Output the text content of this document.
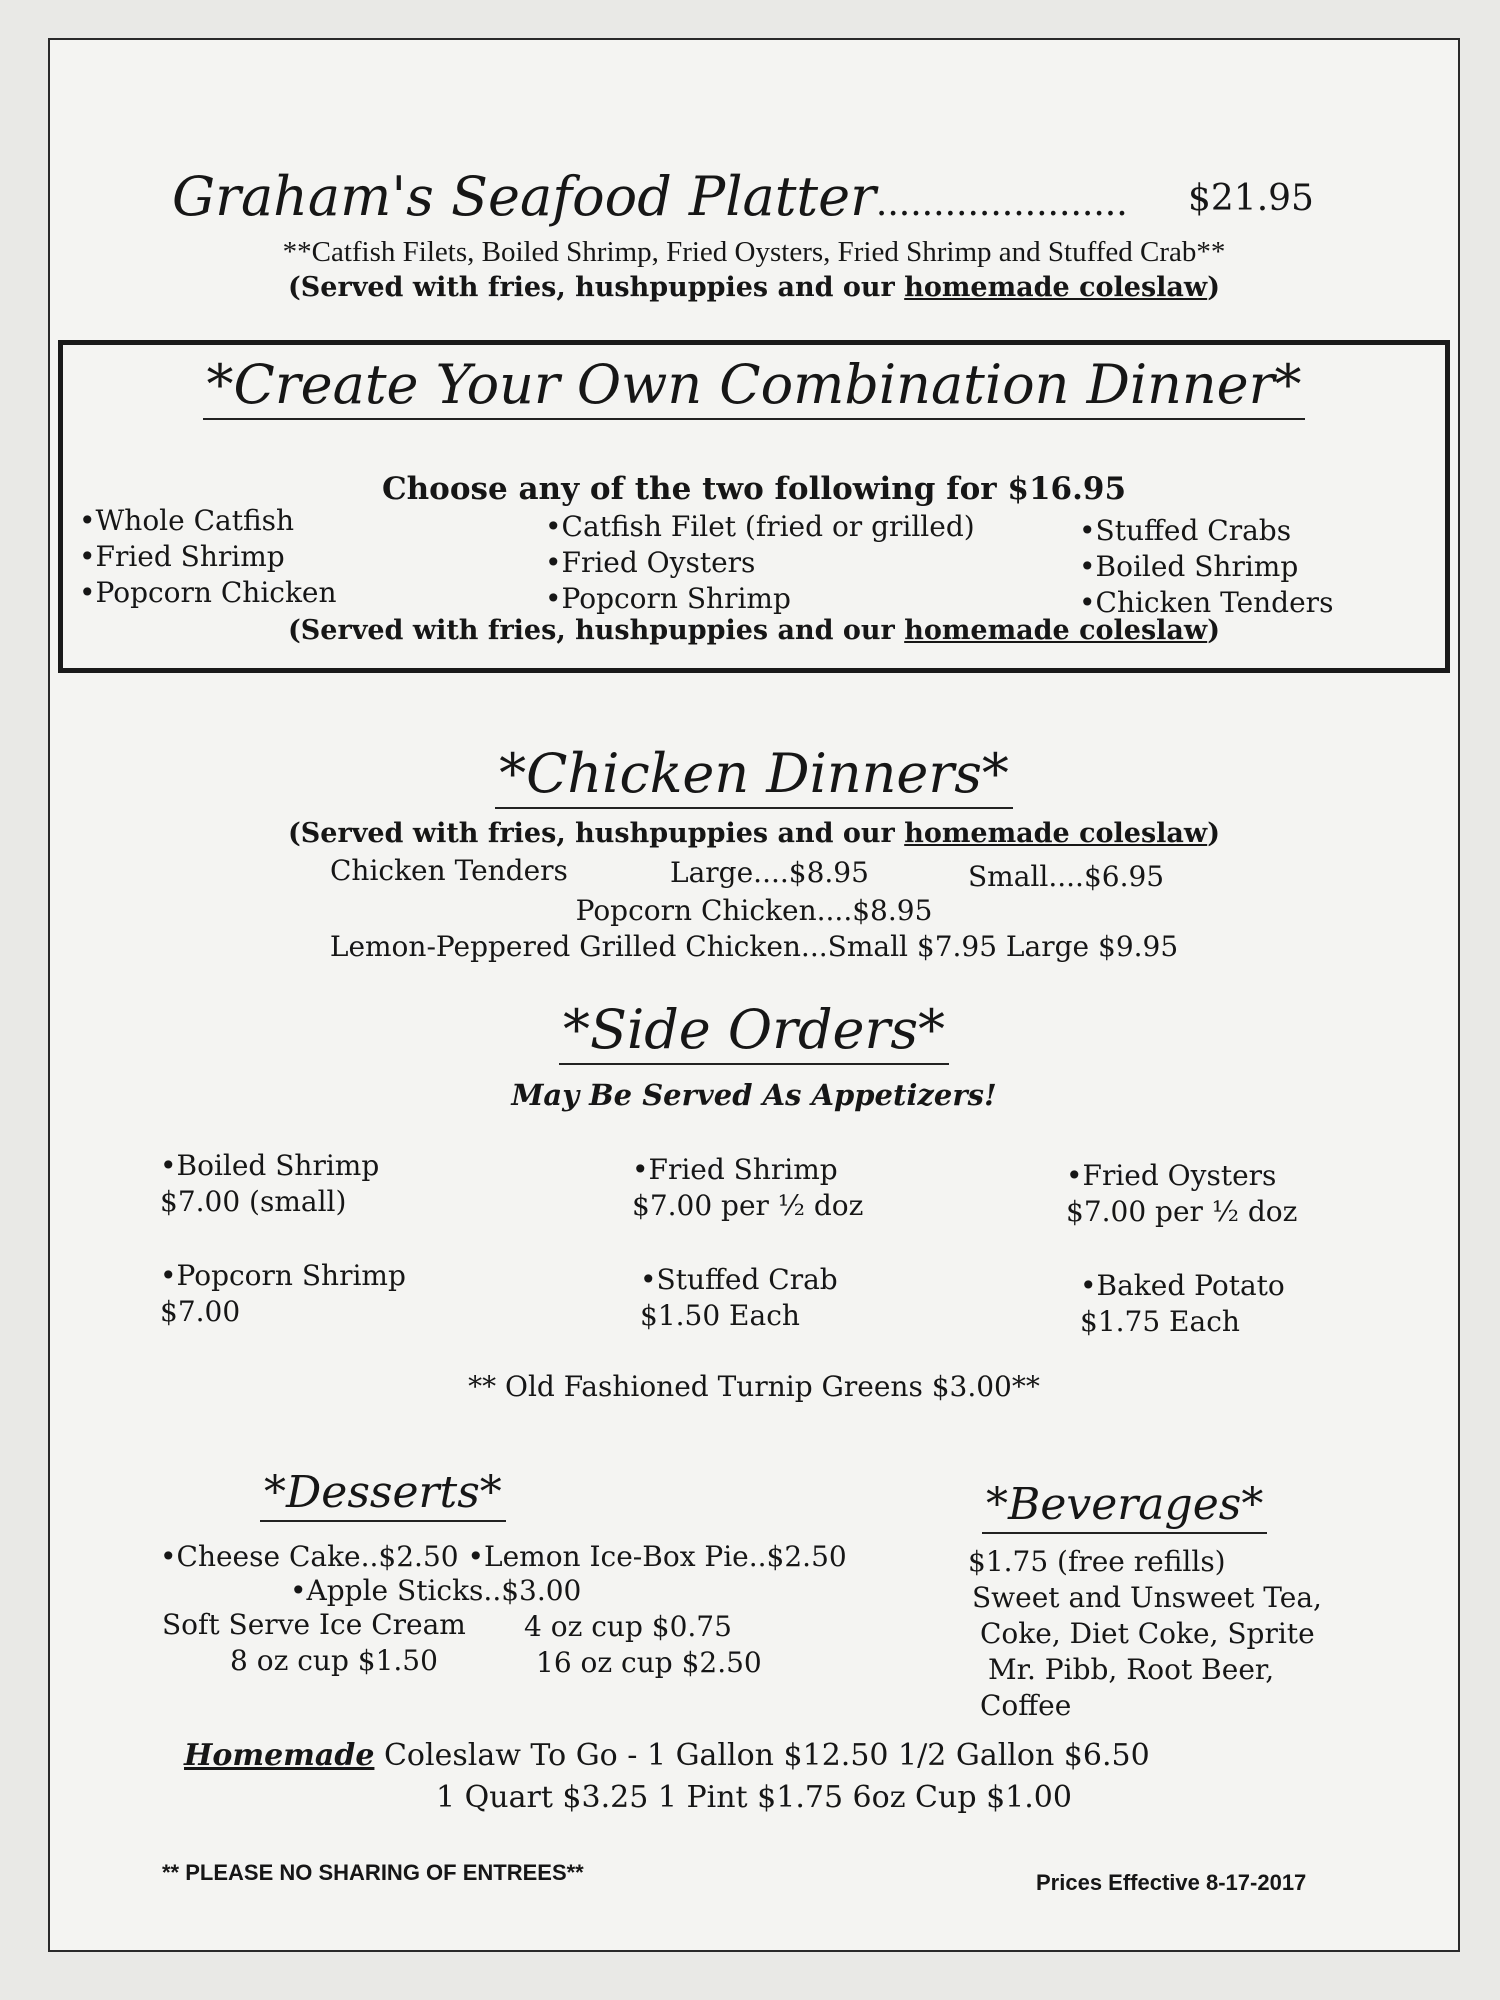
Graham's Seafood Platter...................... $21.95
**Catfish Filets, Boiled Shrimp, Fried Oysters, Fried Shrimp and Stuffed Crab**
(Served with fries, hushpuppies and our homemade coleslaw)
*Create Your Own Combination Dinner*
Choose any of the two following for $16.95
•Whole Catfish
•Fried Shrimp
•Popcorn Chicken
•Catfish Filet (fried or grilled)
•Fried Oysters
•Popcorn Shrimp
•Stuffed Crabs
•Boiled Shrimp
•Chicken Tenders
(Served with fries, hushpuppies and our homemade coleslaw)
*Chicken Dinners*
(Served with fries, hushpuppies and our homemade coleslaw)
Chicken Tenders	Large....$8.95	Small....$6.95
Popcorn Chicken....$8.95
Lemon-Peppered Grilled Chicken...Small $7.95 Large $9.95
*Side Orders*
May Be Served As Appetizers!
•Boiled Shrimp
$7.00 (small)
•Fried Shrimp
$7.00 per ½ doz
•Fried Oysters
$7.00 per ½ doz
•Popcorn Shrimp
$7.00
•Stuffed Crab
$1.50 Each
•Baked Potato
$1.75 Each
** Old Fashioned Turnip Greens $3.00**
*Desserts*
•Cheese Cake..$2.50 •Lemon Ice-Box Pie..$2.50
•Apple Sticks..$3.00
Soft Serve Ice Cream 4 oz cup $0.75
8 oz cup $1.50	16 oz cup $2.50
*Beverages*
$1.75 (free refills)
Sweet and Unsweet Tea,
Coke, Diet Coke, Sprite
Mr. Pibb, Root Beer,
Coffee
Homemade Coleslaw To Go - 1 Gallon $12.50 1/2 Gallon $6.50
1 Quart $3.25 1 Pint $1.75 6oz Cup $1.00
** PLEASE NO SHARING OF ENTREES**	Prices Effective 8-17-2017
